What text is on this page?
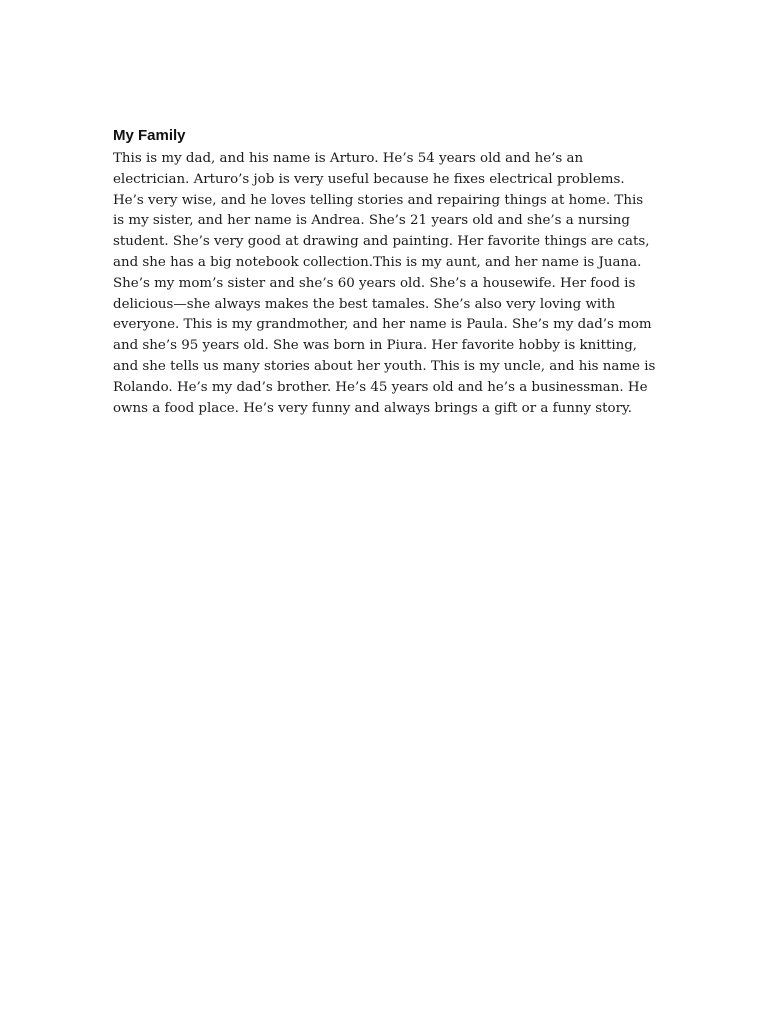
My Family

This is my dad, and his name is Arturo. He’s 54 years old and he’s an electrician. Arturo’s job is very useful because he fixes electrical problems. He’s very wise, and he loves telling stories and repairing things at home. This is my sister, and her name is Andrea. She’s 21 years old and she’s a nursing student. She’s very good at drawing and painting. Her favorite things are cats, and she has a big notebook collection.This is my aunt, and her name is Juana. She’s my mom’s sister and she’s 60 years old. She’s a housewife. Her food is delicious—she always makes the best tamales. She’s also very loving with everyone. This is my grandmother, and her name is Paula. She’s my dad’s mom and she’s 95 years old. She was born in Piura. Her favorite hobby is knitting, and she tells us many stories about her youth. This is my uncle, and his name is Rolando. He’s my dad’s brother. He’s 45 years old and he’s a businessman. He owns a food place. He’s very funny and always brings a gift or a funny story.
